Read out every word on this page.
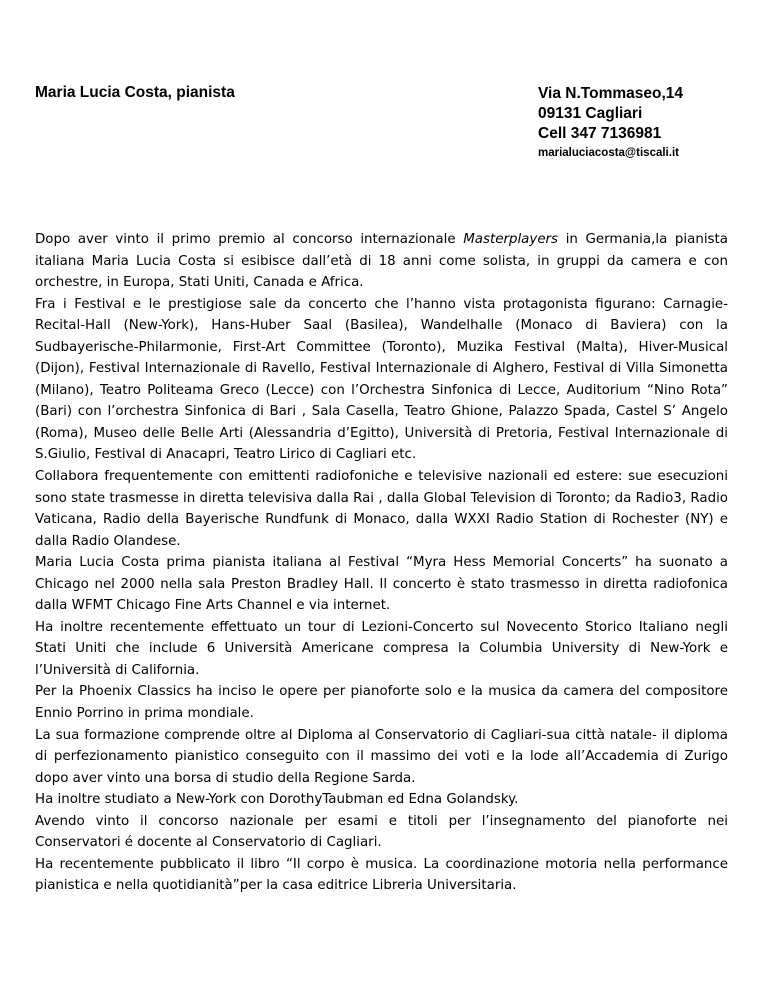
Maria Lucia Costa, pianista	Via N.Tommaseo,14
09131 Cagliari
Cell 347 7136981
marialuciacosta@tiscali.it

Dopo aver vinto il primo premio al concorso internazionale Masterplayers in Germania,la pianista italiana Maria Lucia Costa si esibisce dall’età di 18 anni come solista, in gruppi da camera e con orchestre, in Europa, Stati Uniti, Canada e Africa.

Fra i Festival e le prestigiose sale da concerto che l’hanno vista protagonista figurano: Carnagie-Recital-Hall (New-York), Hans-Huber Saal (Basilea), Wandelhalle (Monaco di Baviera) con la Sudbayerische-Philarmonie, First-Art Committee (Toronto), Muzika Festival (Malta), Hiver-Musical (Dijon), Festival Internazionale di Ravello, Festival Internazionale di Alghero, Festival di Villa Simonetta (Milano), Teatro Politeama Greco (Lecce) con l’Orchestra Sinfonica di Lecce, Auditorium “Nino Rota” (Bari) con l’orchestra Sinfonica di Bari , Sala Casella, Teatro Ghione, Palazzo Spada, Castel S’ Angelo (Roma), Museo delle Belle Arti (Alessandria d’Egitto), Università di Pretoria, Festival Internazionale di S.Giulio, Festival di Anacapri, Teatro Lirico di Cagliari etc.

Collabora frequentemente con emittenti radiofoniche e televisive nazionali ed estere: sue esecuzioni sono state trasmesse in diretta televisiva dalla Rai , dalla Global Television di Toronto; da Radio3, Radio Vaticana, Radio della Bayerische Rundfunk di Monaco, dalla WXXI Radio Station di Rochester (NY) e dalla Radio Olandese.

Maria Lucia Costa prima pianista italiana al Festival “Myra Hess Memorial Concerts” ha suonato a Chicago nel 2000 nella sala Preston Bradley Hall. Il concerto è stato trasmesso in diretta radiofonica dalla WFMT Chicago Fine Arts Channel e via internet.

Ha inoltre recentemente effettuato un tour di Lezioni-Concerto sul Novecento Storico Italiano negli Stati Uniti che include 6 Università Americane compresa la Columbia University di New-York e l’Università di California.

Per la Phoenix Classics ha inciso le opere per pianoforte solo e la musica da camera del compositore Ennio Porrino in prima mondiale.

La sua formazione comprende oltre al Diploma al Conservatorio di Cagliari-sua città natale- il diploma di perfezionamento pianistico conseguito con il massimo dei voti e la lode all’Accademia di Zurigo dopo aver vinto una borsa di studio della Regione Sarda.

Ha inoltre studiato a New-York con DorothyTaubman ed Edna Golandsky.

Avendo vinto il concorso nazionale per esami e titoli per l’insegnamento del pianoforte nei Conservatori é docente al Conservatorio di Cagliari.

Ha recentemente pubblicato il libro “Il corpo è musica. La coordinazione motoria nella performance pianistica e nella quotidianità”per la casa editrice Libreria Universitaria.
